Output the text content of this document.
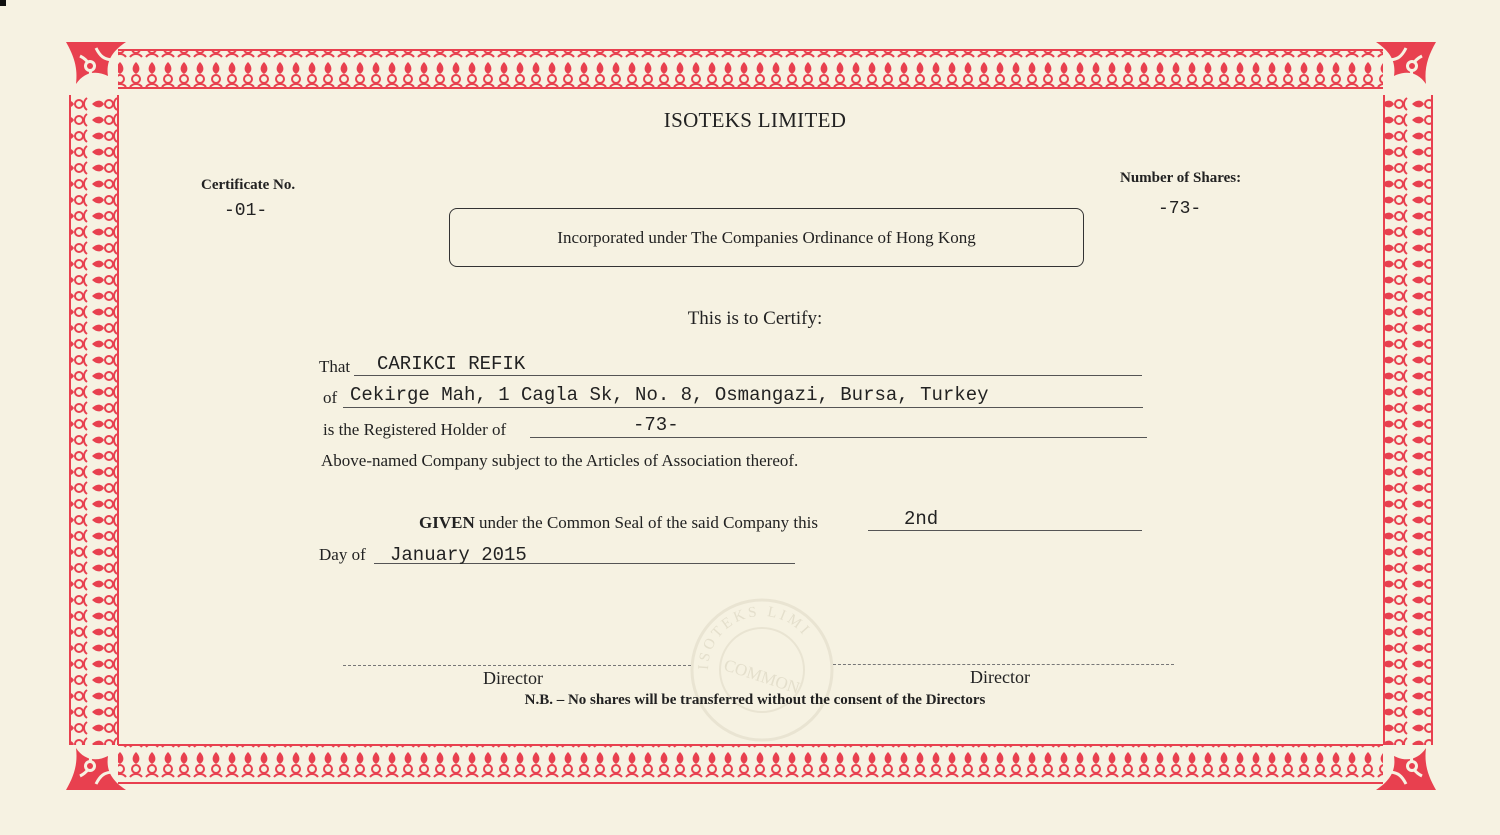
ISOTEKS LIMITED
Certificate No.
-01-
Number of Shares:
-73-
Incorporated under The Companies Ordinance of Hong Kong
This is to Certify:
That CARIKCI REFIK
of Cekirge Mah, 1 Cagla Sk, No. 8, Osmangazi, Bursa, Turkey
is the Registered Holder of	-73-
Above-named Company subject to the Articles of Association thereof.
GIVEN under the Common Seal of the said Company this	2nd
Day of January 2015
ISOTEKS LIMI
COMMON
Director	Director
N.B. – No shares will be transferred without the consent of the Directors
